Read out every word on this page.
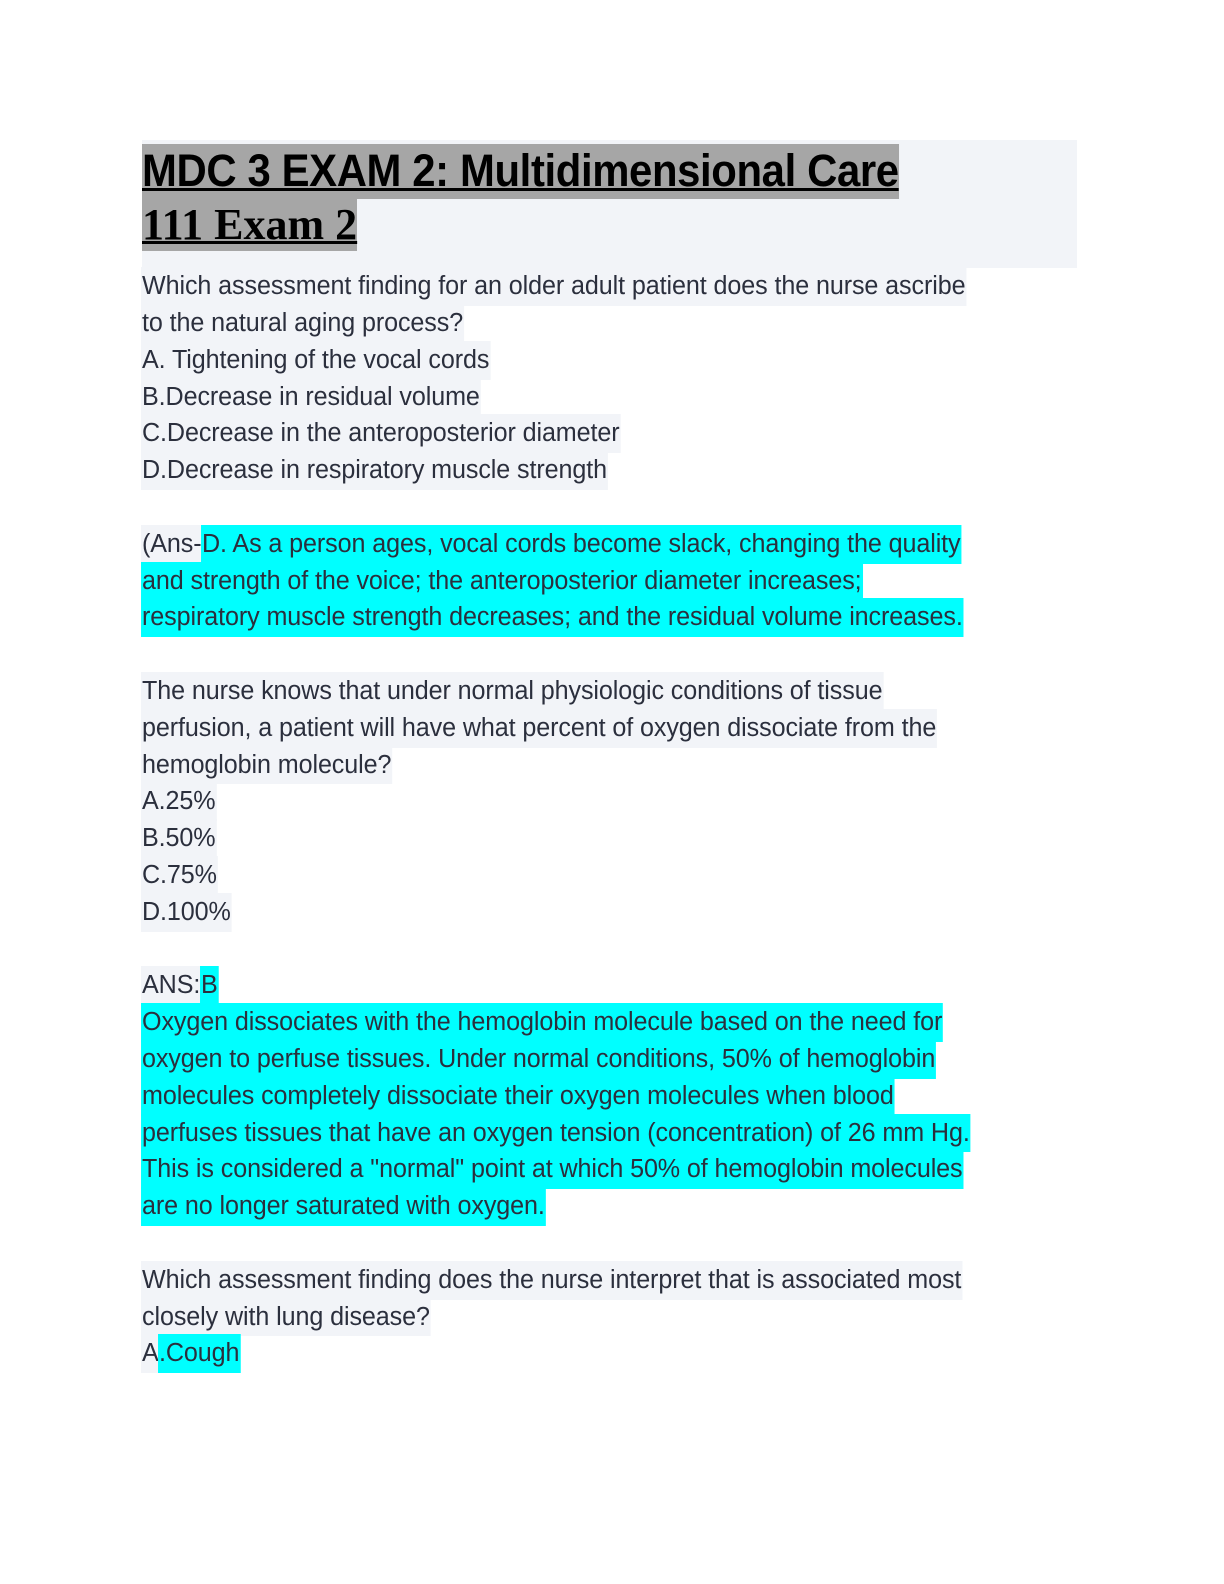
MDC 3 EXAM 2: Multidimensional Care
111 Exam 2
Which assessment finding for an older adult patient does the nurse ascribe
to the natural aging process?
A. Tightening of the vocal cords
B.Decrease in residual volume
C.Decrease in the anteroposterior diameter
D.Decrease in respiratory muscle strength
(Ans-D. As a person ages, vocal cords become slack, changing the quality
and strength of the voice; the anteroposterior diameter increases;
respiratory muscle strength decreases; and the residual volume increases.
The nurse knows that under normal physiologic conditions of tissue
perfusion, a patient will have what percent of oxygen dissociate from the
hemoglobin molecule?
A.25%
B.50%
C.75%
D.100%
ANS:B
Oxygen dissociates with the hemoglobin molecule based on the need for
oxygen to perfuse tissues. Under normal conditions, 50% of hemoglobin
molecules completely dissociate their oxygen molecules when blood
perfuses tissues that have an oxygen tension (concentration) of 26 mm Hg.
This is considered a "normal" point at which 50% of hemoglobin molecules
are no longer saturated with oxygen.
Which assessment finding does the nurse interpret that is associated most
closely with lung disease?
A.Cough
